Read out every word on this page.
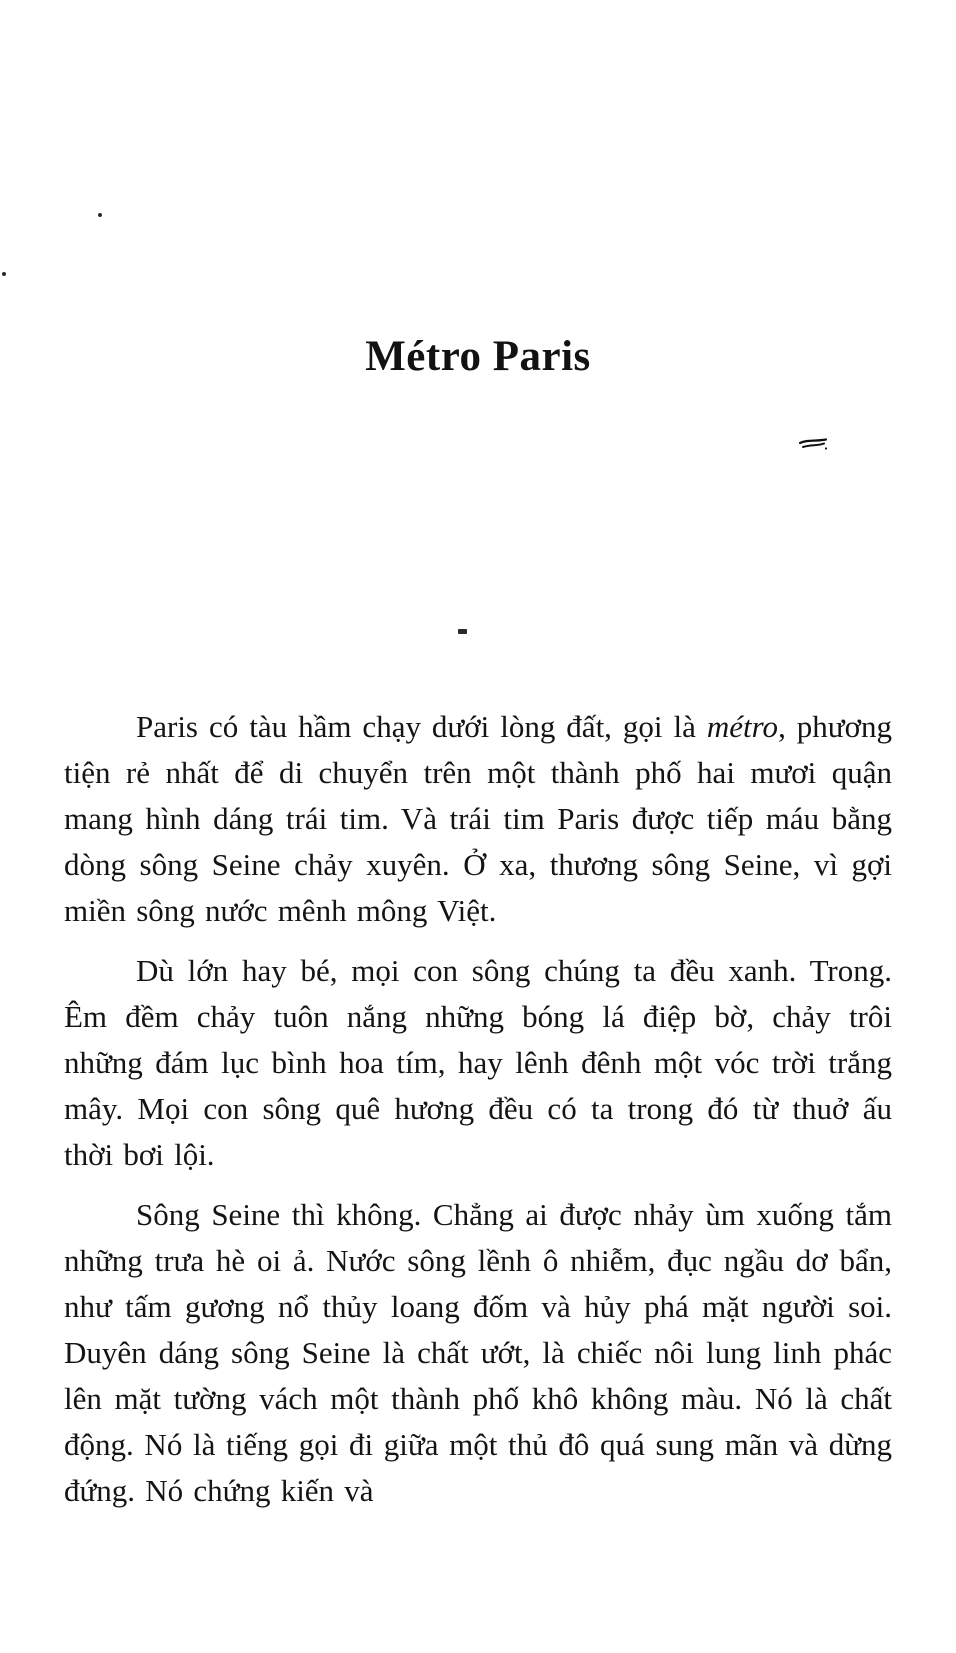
Métro Paris

Paris có tàu hầm chạy dưới lòng đất, gọi là métro, phương tiện rẻ nhất để di chuyển trên một thành phố hai mươi quận mang hình dáng trái tim. Và trái tim Paris được tiếp máu bằng dòng sông Seine chảy xuyên. Ở xa, thương sông Seine, vì gợi miền sông nước mênh mông Việt.

Dù lớn hay bé, mọi con sông chúng ta đều xanh. Trong. Êm đềm chảy tuôn nắng những bóng lá điệp bờ, chảy trôi những đám lục bình hoa tím, hay lênh đênh một vóc trời trắng mây. Mọi con sông quê hương đều có ta trong đó từ thuở ấu thời bơi lội.

Sông Seine thì không. Chẳng ai được nhảy ùm xuống tắm những trưa hè oi ả. Nước sông lềnh ô nhiễm, đục ngầu dơ bẩn, như tấm gương nổ thủy loang đốm và hủy phá mặt người soi. Duyên dáng sông Seine là chất ướt, là chiếc nôi lung linh phác lên mặt tường vách một thành phố khô không màu. Nó là chất động. Nó là tiếng gọi đi giữa một thủ đô quá sung mãn và dừng đứng. Nó chứng kiến và
